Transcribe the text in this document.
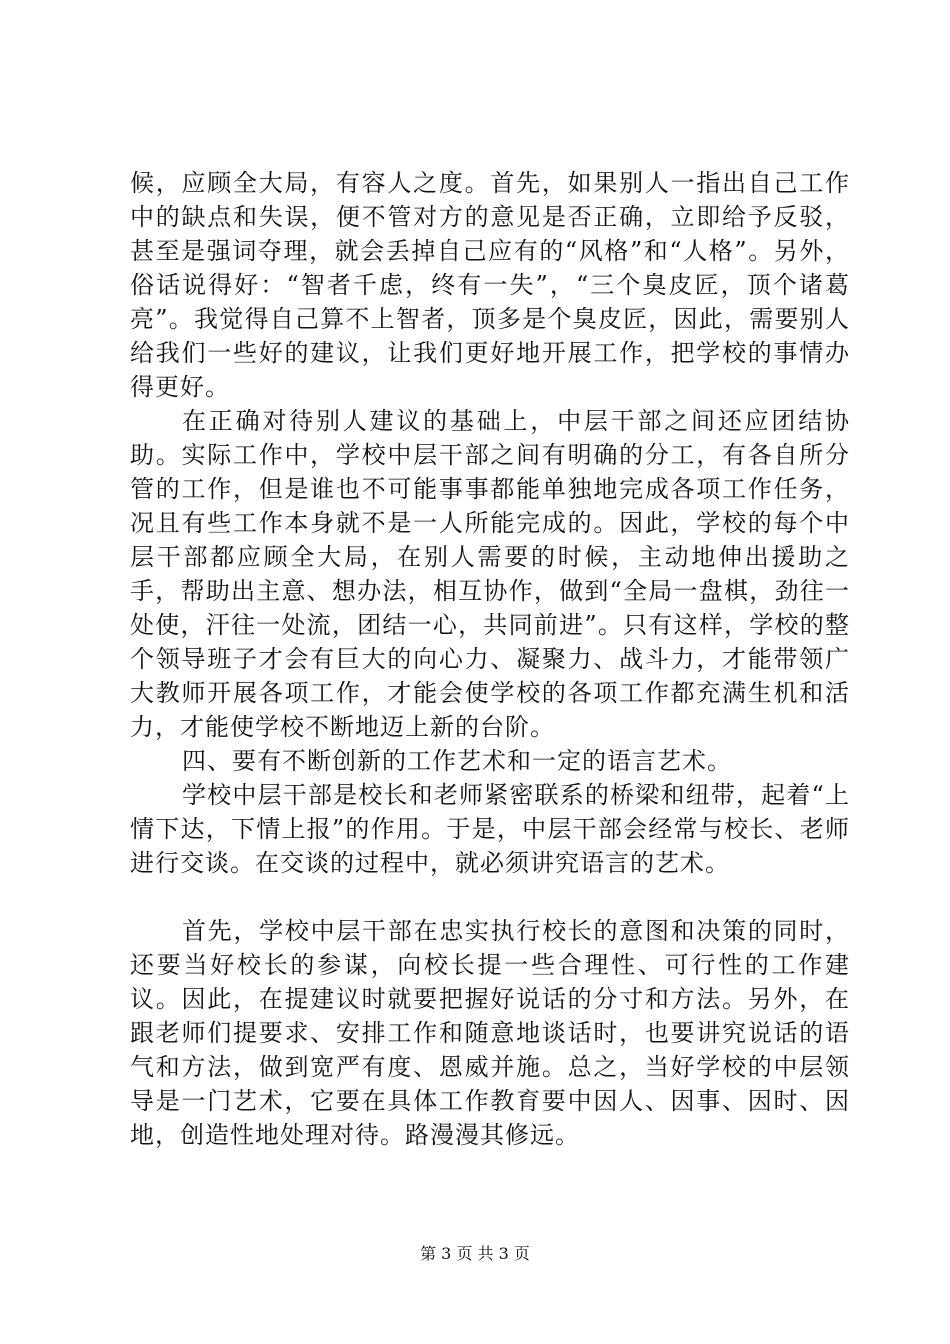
候，应顾全大局，有容人之度。首先，如果别人一指出自己工作中的缺点和失误，便不管对方的意见是否正确，立即给予反驳，甚至是强词夺理，就会丢掉自己应有的“风格”和“人格”。另外，俗话说得好：“智者千虑，终有一失”，“三个臭皮匠，顶个诸葛亮”。我觉得自己算不上智者，顶多是个臭皮匠，因此，需要别人给我们一些好的建议，让我们更好地开展工作，把学校的事情办得更好。

在正确对待别人建议的基础上，中层干部之间还应团结协助。实际工作中，学校中层干部之间有明确的分工，有各自所分管的工作，但是谁也不可能事事都能单独地完成各项工作任务，况且有些工作本身就不是一人所能完成的。因此，学校的每个中层干部都应顾全大局，在别人需要的时候，主动地伸出援助之手，帮助出主意、想办法，相互协作，做到“全局一盘棋，劲往一处使，汗往一处流，团结一心，共同前进”。只有这样，学校的整个领导班子才会有巨大的向心力、凝聚力、战斗力，才能带领广大教师开展各项工作，才能会使学校的各项工作都充满生机和活力，才能使学校不断地迈上新的台阶。

四、要有不断创新的工作艺术和一定的语言艺术。

学校中层干部是校长和老师紧密联系的桥梁和纽带，起着“上情下达，下情上报”的作用。于是，中层干部会经常与校长、老师进行交谈。在交谈的过程中，就必须讲究语言的艺术。

首先，学校中层干部在忠实执行校长的意图和决策的同时，还要当好校长的参谋，向校长提一些合理性、可行性的工作建议。因此，在提建议时就要把握好说话的分寸和方法。另外，在跟老师们提要求、安排工作和随意地谈话时，也要讲究说话的语气和方法，做到宽严有度、恩威并施。总之，当好学校的中层领导是一门艺术，它要在具体工作教育要中因人、因事、因时、因地，创造性地处理对待。路漫漫其修远。

第 3 页 共 3 页
